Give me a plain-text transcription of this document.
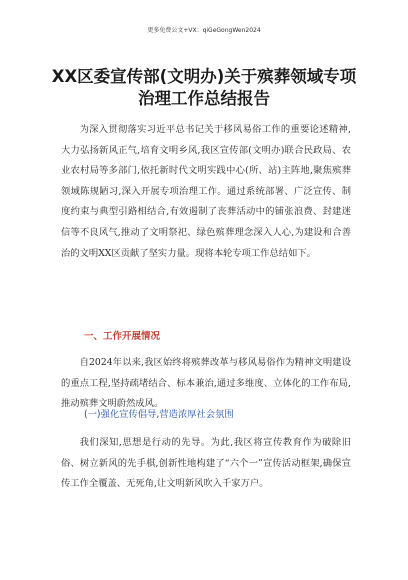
更多免费公文+VX：qiGeGongWen2024
XX区委宣传部(文明办)关于殡葬领域专项
治理工作总结报告
为深入贯彻落实习近平总书记关于移风易俗工作的重要论述精神,大力弘扬新风正气,培育文明乡风,我区宣传部(文明办)联合民政局、农业农村局等多部门,依托新时代文明实践中心(所、站)主阵地,聚焦殡葬领域陈规陋习,深入开展专项治理工作。通过系统部署、广泛宣传、制度约束与典型引路相结合,有效遏制了丧葬活动中的铺张浪费、封建迷信等不良风气,推动了文明祭祀、绿色殡葬理念深入人心,为建设和合善治的文明XX区贡献了坚实力量。现将本轮专项工作总结如下。
一、工作开展情况
自2024年以来,我区始终将殡葬改革与移风易俗作为精神文明建设的重点工程,坚持疏堵结合、标本兼治,通过多维度、立体化的工作布局,推动殡葬文明蔚然成风。
(一)强化宣传倡导,营造浓厚社会氛围
我们深知,思想是行动的先导。为此,我区将宣传教育作为破除旧俗、树立新风的先手棋,创新性地构建了“六个一”宣传活动框架,确保宣传工作全覆盖、无死角,让文明新风吹入千家万户。
